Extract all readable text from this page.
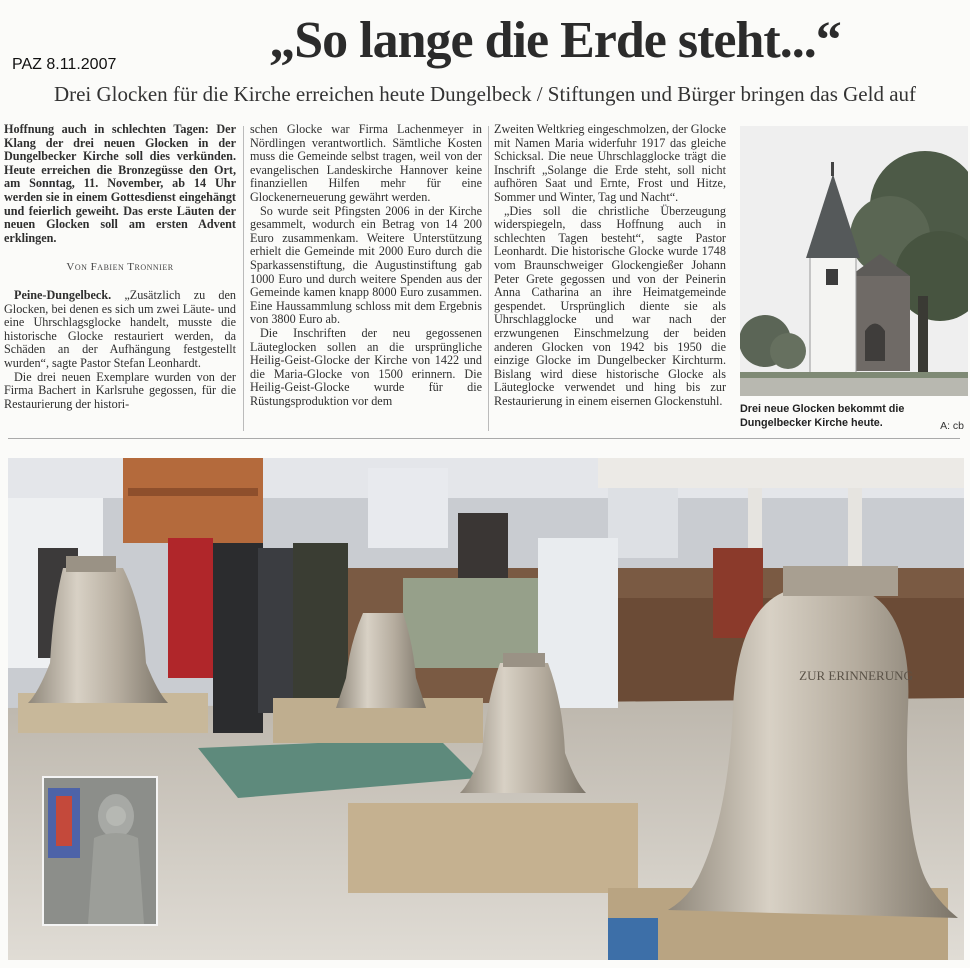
PAZ 8.11.2007	„So lange die Erde steht...“
Drei Glocken für die Kirche erreichen heute Dungelbeck / Stiftungen und Bürger bringen das Geld auf

Hoffnung auch in schlechten Tagen: Der Klang der drei neuen Glocken in der Dungelbecker Kirche soll dies verkünden. Heute erreichen die Bronzegüsse den Ort, am Sonntag, 11. November, ab 14 Uhr werden sie in einem Gottesdienst eingehängt und feierlich geweiht. Das erste Läuten der neuen Glocken soll am ersten Advent erklingen.

Von Fabien Tronnier

Peine-Dungelbeck. „Zusätzlich zu den Glocken, bei denen es sich um zwei Läute- und eine Uhrschlagsglocke handelt, musste die historische Glocke restauriert werden, da Schäden an der Aufhängung festgestellt wurden“, sagte Pastor Stefan Leonhardt.

Die drei neuen Exemplare wurden von der Firma Bachert in Karlsruhe gegossen, für die Restaurierung der histori-

schen Glocke war Firma Lachenmeyer in Nördlingen verantwortlich. Sämtliche Kosten muss die Gemeinde selbst tragen, weil von der evangelischen Landeskirche Hannover keine finanziellen Hilfen mehr für eine Glockenerneuerung gewährt werden.

So wurde seit Pfingsten 2006 in der Kirche gesammelt, wodurch ein Betrag von 14 200 Euro zusammenkam. Weitere Unterstützung erhielt die Gemeinde mit 2000 Euro durch die Sparkassenstiftung, die Augustinstiftung gab 1000 Euro und durch weitere Spenden aus der Gemeinde kamen knapp 8000 Euro zusammen. Eine Haussammlung schloss mit dem Ergebnis von 3800 Euro ab.

Die Inschriften der neu gegossenen Läuteglocken sollen an die ursprüngliche Heilig-Geist-Glocke der Kirche von 1422 und die Maria-Glocke von 1500 erinnern. Die Heilig-Geist-Glocke wurde für die Rüstungsproduktion vor dem

Zweiten Weltkrieg eingeschmolzen, der Glocke mit Namen Maria widerfuhr 1917 das gleiche Schicksal. Die neue Uhrschlagglocke trägt die Inschrift „Solange die Erde steht, soll nicht aufhören Saat und Ernte, Frost und Hitze, Sommer und Winter, Tag und Nacht“.

„Dies soll die christliche Überzeugung widerspiegeln, dass Hoffnung auch in schlechten Tagen besteht“, sagte Pastor Leonhardt. Die historische Glocke wurde 1748 vom Braunschweiger Glockengießer Johann Peter Grete gegossen und von der Peinerin Anna Catharina an ihre Heimatgemeinde gespendet. Ursprünglich diente sie als Uhrschlagglocke und war nach der erzwungenen Einschmelzung der beiden anderen Glocken von 1942 bis 1950 die einzige Glocke im Dungelbecker Kirchturm. Bislang wird diese historische Glocke als Läuteglocke verwendet und hing bis zur Restaurierung in einem eisernen Glockenstuhl.

Drei neue Glocken bekommt die Dungelbecker Kirche heute.	A: cb
ZUR ERINNERUNG
